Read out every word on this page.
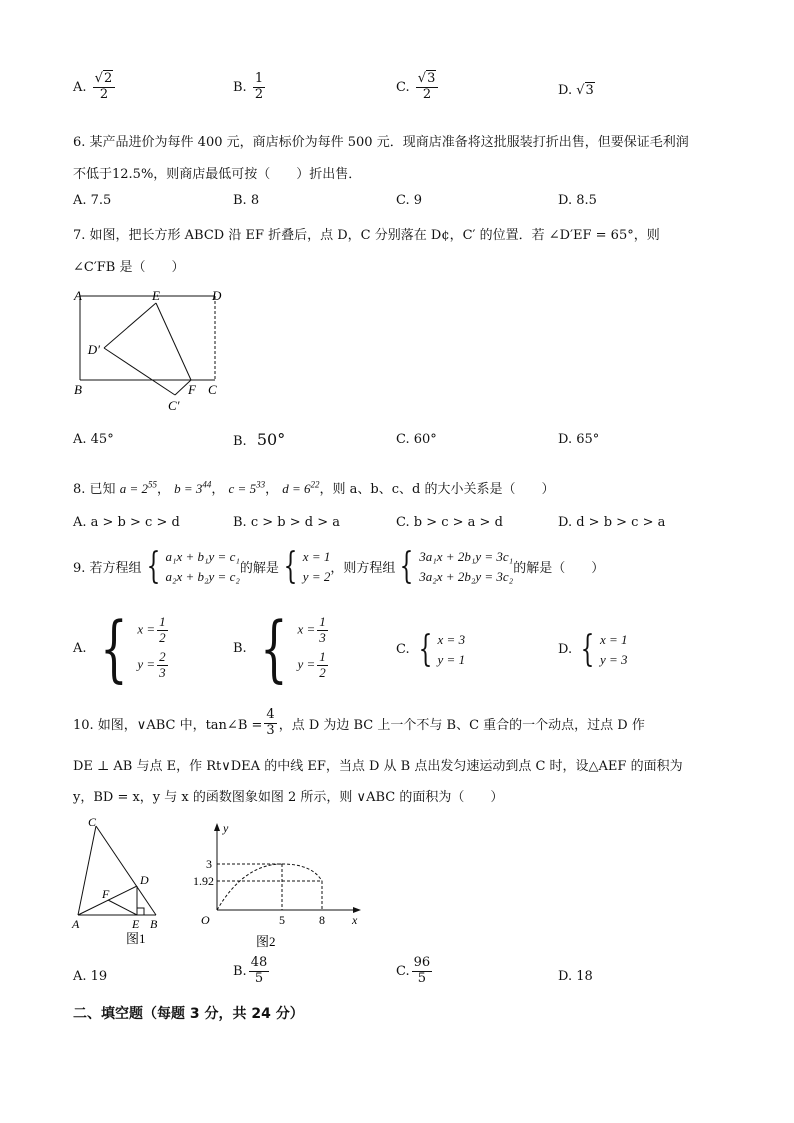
A. $\frac{√2}{2}$	B. $\frac{1}{2}$	C. $\frac{√3}{2}$	D. √3
6. 某产品进价为每件 400 元，商店标价为每件 500 元．现商店准备将这批服装打折出售，但要保证毛利润
不低于12.5%，则商店最低可按（　　）折出售．
A. 7.5	B. 8	C. 9	D. 8.5
7. 如图，把长方形 ABCD 沿 EF 折叠后，点 D，C 分别落在 D¢，C′ 的位置．若 ∠D′EF = 65°，则
∠C′FB 是（　　）
A	E	D
D′
B	F C
C′
A. 45°	B. 50°	C. 60°	D. 65°
8. 已知 $a = 2^{55}$， $b = 3^{44}$， $c = 5^{33}$， $d = 6^{22}$，则 a、b、c、d 的大小关系是（　　）
A. a > b > c > d	B. c > b > d > a	C. b > c > a > d	D. d > b > c > a
9. 若方程组 { a₁x + b₁y = c₁
a₂x + b₂y = c₂ 的解是 { x = 1
y = 2 ，则方程组 { 3a₁x + 2b₁y = 3c₁
3a₂x + 2b₂y = 3c₂ 的解是（　　）
A. { $x = \frac{1}{2}$
$y = \frac{2}{3}$
B. { $x = \frac{1}{3}$
$y = \frac{1}{2}$
C. { x = 3
y = 1
D. { x = 1
y = 3
10. 如图，∨ABC 中，tan∠B = $\frac{4}{3}$ ，点 D 为边 BC 上一个不与 B、C 重合的一个动点，过点 D 作
DE ⊥ AB 与点 E，作 Rt∨DEA 的中线 EF，当点 D 从 B 点出发匀速运动到点 C 时，设△AEF 的面积为
y，BD = x，y 与 x 的函数图象如图 2 所示，则 ∨ABC 的面积为（　　）
C
D
F
A	E B
图1
y
3
1.92
O	5	8 x
图2
A. 19	B. $\frac{48}{5}$	C. $\frac{96}{5}$	D. 18
二、填空题（每题 3 分，共 24 分）
